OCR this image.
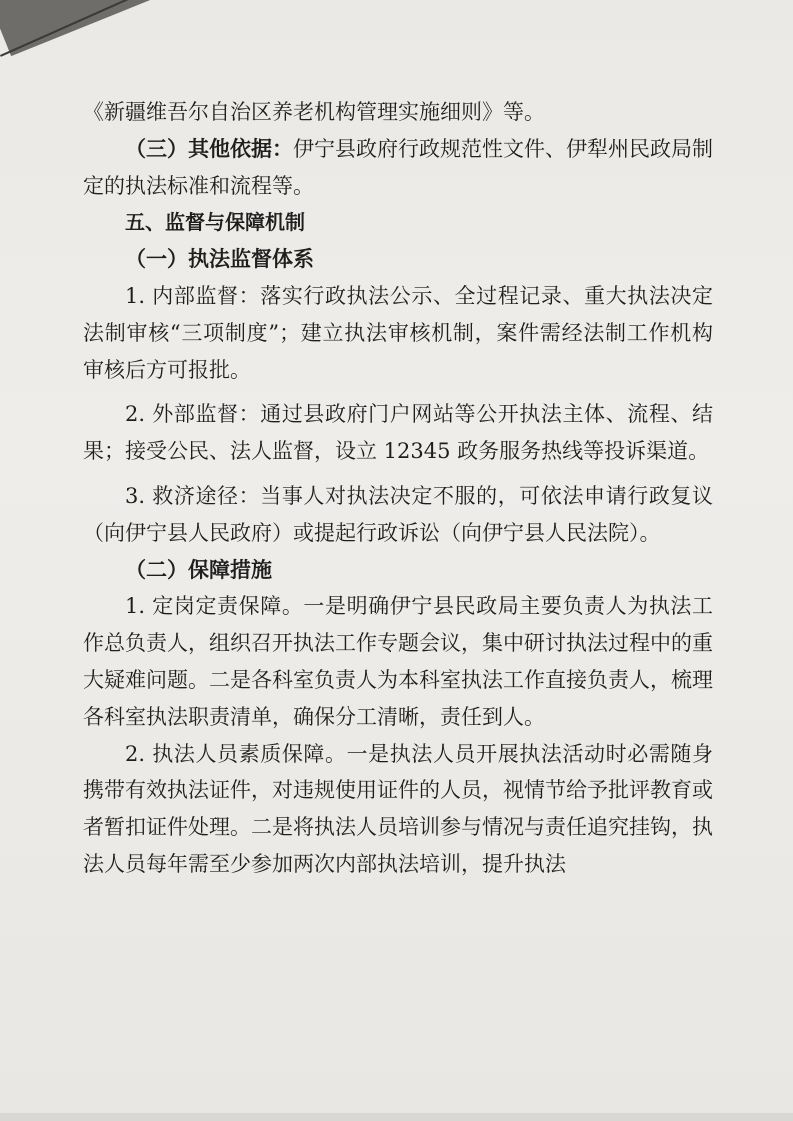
《新疆维吾尔自治区养老机构管理实施细则》等。

（三）其他依据：伊宁县政府行政规范性文件、伊犁州民政局制定的执法标准和流程等。

五、监督与保障机制

（一）执法监督体系

1. 内部监督：落实行政执法公示、全过程记录、重大执法决定法制审核“三项制度”；建立执法审核机制，案件需经法制工作机构审核后方可报批。

2. 外部监督：通过县政府门户网站等公开执法主体、流程、结果；接受公民、法人监督，设立 12345 政务服务热线等投诉渠道。

3. 救济途径：当事人对执法决定不服的，可依法申请行政复议（向伊宁县人民政府）或提起行政诉讼（向伊宁县人民法院）。

（二）保障措施

1. 定岗定责保障。一是明确伊宁县民政局主要负责人为执法工作总负责人，组织召开执法工作专题会议，集中研讨执法过程中的重大疑难问题。二是各科室负责人为本科室执法工作直接负责人，梳理各科室执法职责清单，确保分工清晰，责任到人。

2. 执法人员素质保障。一是执法人员开展执法活动时必需随身携带有效执法证件，对违规使用证件的人员，视情节给予批评教育或者暂扣证件处理。二是将执法人员培训参与情况与责任追究挂钩，执法人员每年需至少参加两次内部执法培训，提升执法
